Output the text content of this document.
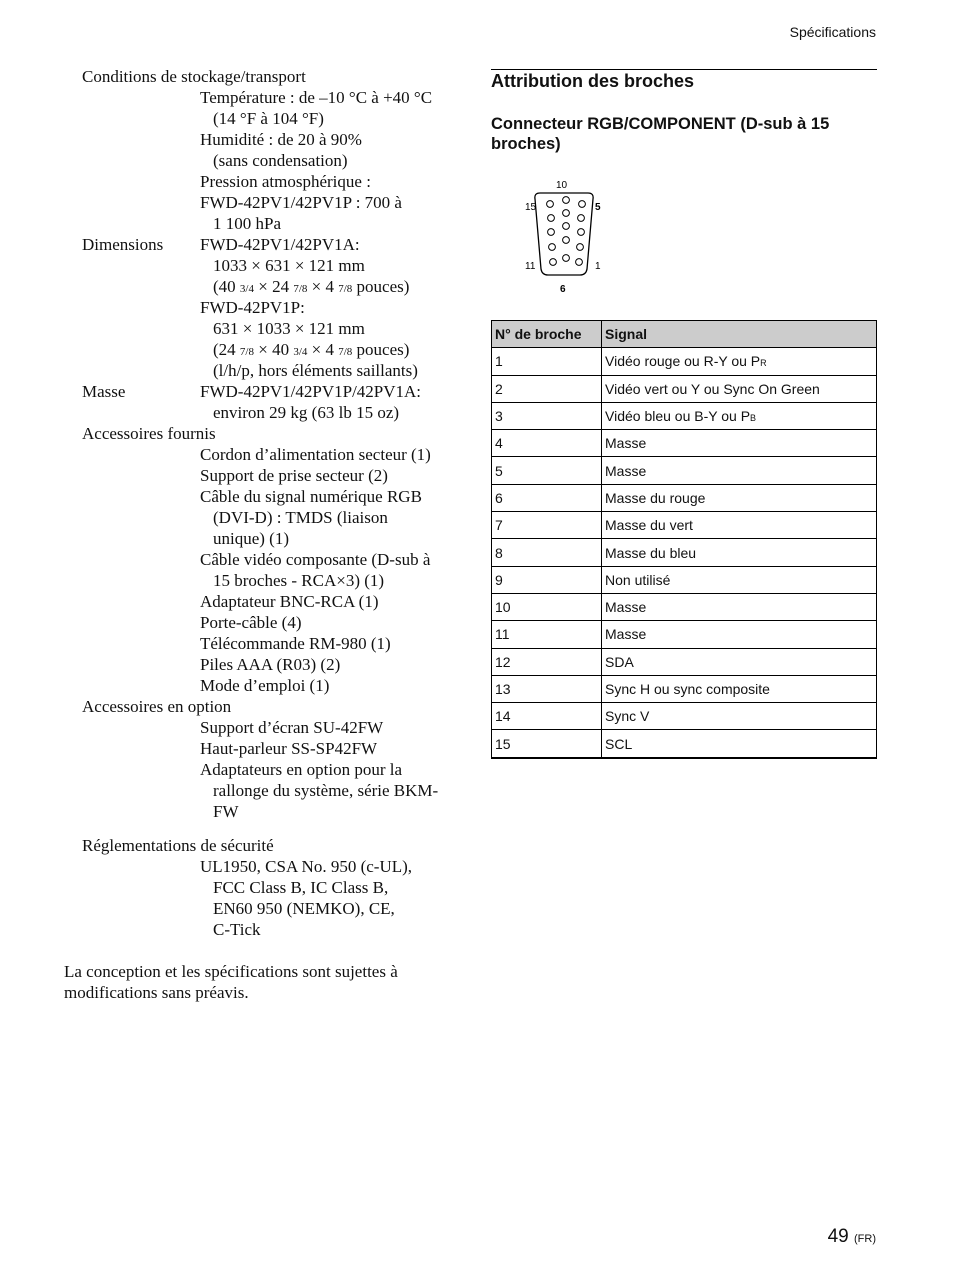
Spécifications
Conditions de stockage/transport
Température : de –10 °C à +40 °C
(14 °F à 104 °F)
Humidité : de 20 à 90%
(sans condensation)
Pression atmosphérique :
FWD-42PV1/42PV1P : 700 à
1 100 hPa
Dimensions FWD-42PV1/42PV1A:
1033 × 631 × 121 mm
(40 3/4 × 24 7/8 × 4 7/8 pouces)
FWD-42PV1P:
631 × 1033 × 121 mm
(24 7/8 × 40 3/4 × 4 7/8 pouces)
(l/h/p, hors éléments saillants)
Masse	FWD-42PV1/42PV1P/42PV1A:
environ 29 kg (63 lb 15 oz)
Accessoires fournis
Cordon d’alimentation secteur (1)
Support de prise secteur (2)
Câble du signal numérique RGB
(DVI-D) : TMDS (liaison
unique) (1)
Câble vidéo composante (D-sub à
15 broches - RCA×3) (1)
Adaptateur BNC-RCA (1)
Porte-câble (4)
Télécommande RM-980 (1)
Piles AAA (R03) (2)
Mode d’emploi (1)
Accessoires en option
Support d’écran SU-42FW
Haut-parleur SS-SP42FW
Adaptateurs en option pour la
rallonge du système, série BKM-
FW
Réglementations de sécurité
UL1950, CSA No. 950 (c-UL),
FCC Class B, IC Class B,
EN60 950 (NEMKO), CE,
C-Tick
La conception et les spécifications sont sujettes à
modifications sans préavis.
Attribution des broches
Connecteur RGB/COMPONENT (D-sub à 15 broches)
10
15	5
11	1
6
N° de broche	Signal
1	Vidéo rouge ou R-Y ou PR
2	Vidéo vert ou Y ou Sync On Green
3	Vidéo bleu ou B-Y ou PB
4	Masse
5	Masse
6	Masse du rouge
7	Masse du vert
8	Masse du bleu
9	Non utilisé
10	Masse
11	Masse
12	SDA
13	Sync H ou sync composite
14	Sync V
15	SCL
49 (FR)
